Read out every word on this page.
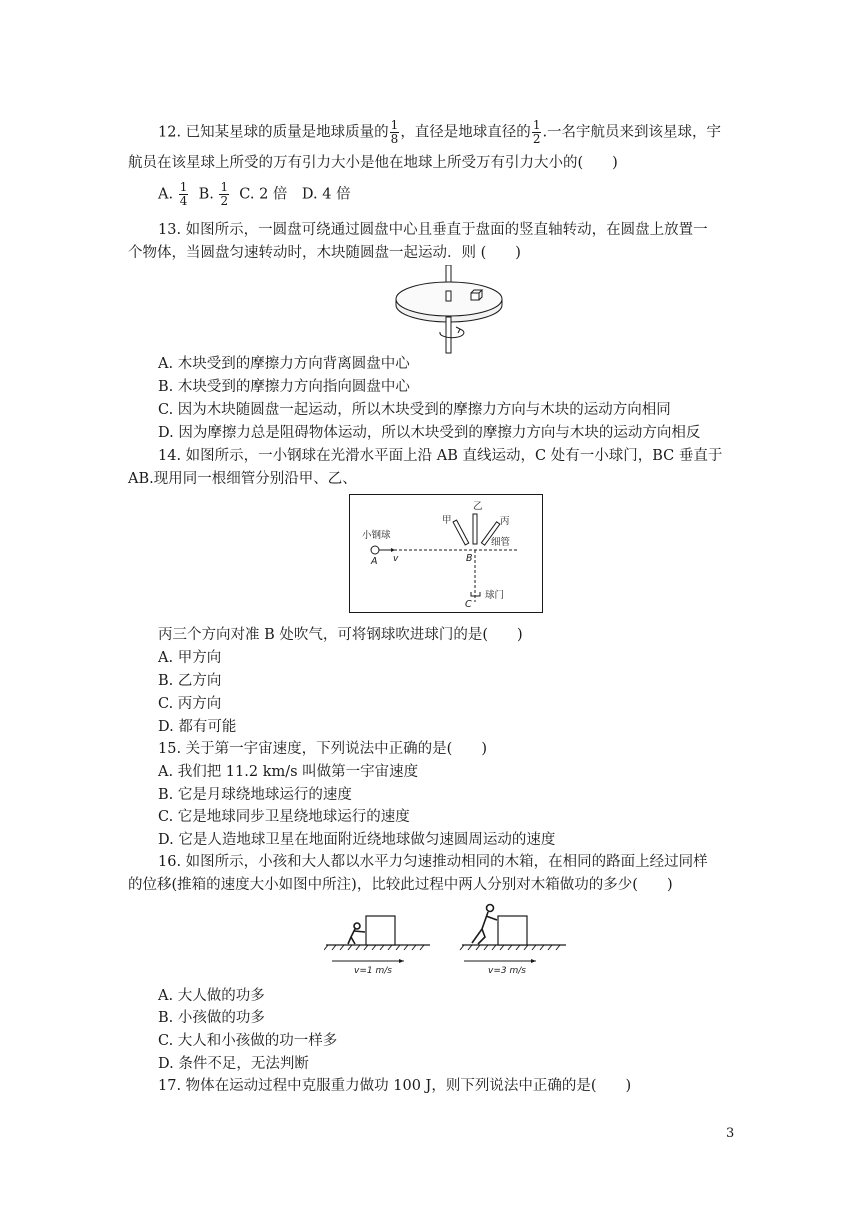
12. 已知某星球的质量是地球质量的 $\frac{1}{8}$ ，直径是地球直径的 $\frac{1}{2}$ .一名宇航员来到该星球，宇
航员在该星球上所受的万有引力大小是他在地球上所受万有引力大小的(　　)
A. $\frac{1}{4} B$. $\frac{1}{2} C$. 2 倍　D. 4 倍
13. 如图所示，一圆盘可绕通过圆盘中心且垂直于盘面的竖直轴转动，在圆盘上放置一
个物体，当圆盘匀速转动时，木块随圆盘一起运动．则 (　　)
A. 木块受到的摩擦力方向背离圆盘中心
B. 木块受到的摩擦力方向指向圆盘中心
C. 因为木块随圆盘一起运动，所以木块受到的摩擦力方向与木块的运动方向相同
D. 因为摩擦力总是阻碍物体运动，所以木块受到的摩擦力方向与木块的运动方向相反
14. 如图所示，一小钢球在光滑水平面上沿 AB 直线运动，C 处有一小球门，BC 垂直于
AB.现用同一根细管分别沿甲、乙、
小钢球
A v	B
C
甲
乙
丙
细管
球门
丙三个方向对准 B 处吹气，可将钢球吹进球门的是(　　)
A. 甲方向
B. 乙方向
C. 丙方向
D. 都有可能
15. 关于第一宇宙速度，下列说法中正确的是(　　)
A. 我们把 11.2 km/s 叫做第一宇宙速度
B. 它是月球绕地球运行的速度
C. 它是地球同步卫星绕地球运行的速度
D. 它是人造地球卫星在地面附近绕地球做匀速圆周运动的速度
16. 如图所示，小孩和大人都以水平力匀速推动相同的木箱，在相同的路面上经过同样
的位移(推箱的速度大小如图中所注)，比较此过程中两人分别对木箱做功的多少(　　)
v=1 m/s	v=3 m/s
A. 大人做的功多
B. 小孩做的功多
C. 大人和小孩做的功一样多
D. 条件不足，无法判断
17. 物体在运动过程中克服重力做功 100 J，则下列说法中正确的是(　　)
3
